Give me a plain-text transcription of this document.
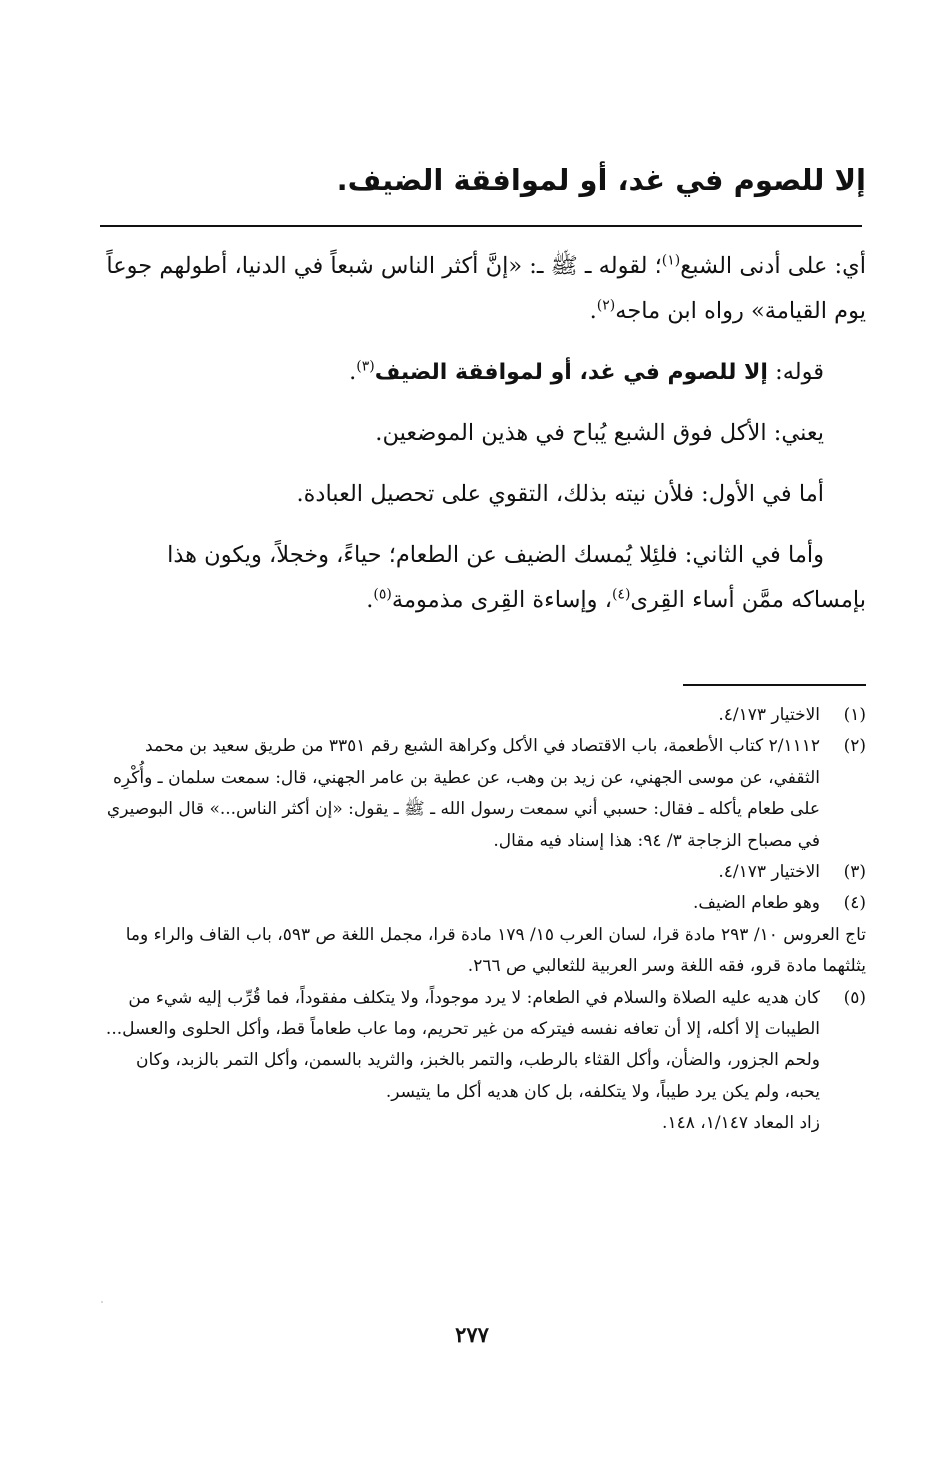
إلا للصوم في غد، أو لموافقة الضيف.

أي: على أدنى الشبع$^{(١)}$؛ لقوله ـ ﷺ ـ: «إنَّ أكثر الناس شبعاً في الدنيا، أطولهم جوعاً يوم القيامة» رواه ابن ماجه$^{(٢)}$.

قوله: إلا للصوم في غد، أو لموافقة الضيف$^{(٣)}$.

يعني: الأكل فوق الشبع يُباح في هذين الموضعين.

أما في الأول: فلأن نيته بذلك، التقوي على تحصيل العبادة.

وأما في الثاني: فلئِلا يُمسك الضيف عن الطعام؛ حياءً، وخجلاً، ويكون هذا بإمساكه ممَّن أساء القِرى$^{(٤)}$، وإساءة القِرى مذمومة$^{(٥)}$.

(١)
الاختيار ٤/١٧٣.
(٢)
٢/١١١٢ كتاب الأطعمة، باب الاقتصاد في الأكل وكراهة الشبع رقم ٣٣٥١ من طريق سعيد بن محمد الثقفي، عن موسى الجهني، عن زيد بن وهب، عن عطية بن عامر الجهني، قال: سمعت سلمان ـ وأُكْرِه على طعام يأكله ـ فقال: حسبي أني سمعت رسول الله ـ ﷺ ـ يقول: «إن أكثر الناس...» قال البوصيري في مصباح الزجاجة ٣/ ٩٤: هذا إسناد فيه مقال.
(٣)
الاختيار ٤/١٧٣.
(٤)
وهو طعام الضيف.
تاج العروس ١٠/ ٢٩٣ مادة قرا، لسان العرب ١٥/ ١٧٩ مادة قرا، مجمل اللغة ص ٥٩٣، باب القاف والراء وما يثلثهما مادة قرو، فقه اللغة وسر العربية للثعالبي ص ٢٦٦.
(٥)
كان هديه عليه الصلاة والسلام في الطعام: لا يرد موجوداً، ولا يتكلف مفقوداً، فما قُرِّب إليه شيء من الطيبات إلا أكله، إلا أن تعافه نفسه فيتركه من غير تحريم، وما عاب طعاماً قط، وأكل الحلوى والعسل... ولحم الجزور، والضأن، وأكل القثاء بالرطب، والتمر بالخبز، والثريد بالسمن، وأكل التمر بالزبد، وكان يحبه، ولم يكن يرد طيباً، ولا يتكلفه، بل كان هديه أكل ما يتيسر.
زاد المعاد ١/١٤٧، ١٤٨.
٢٧٧
